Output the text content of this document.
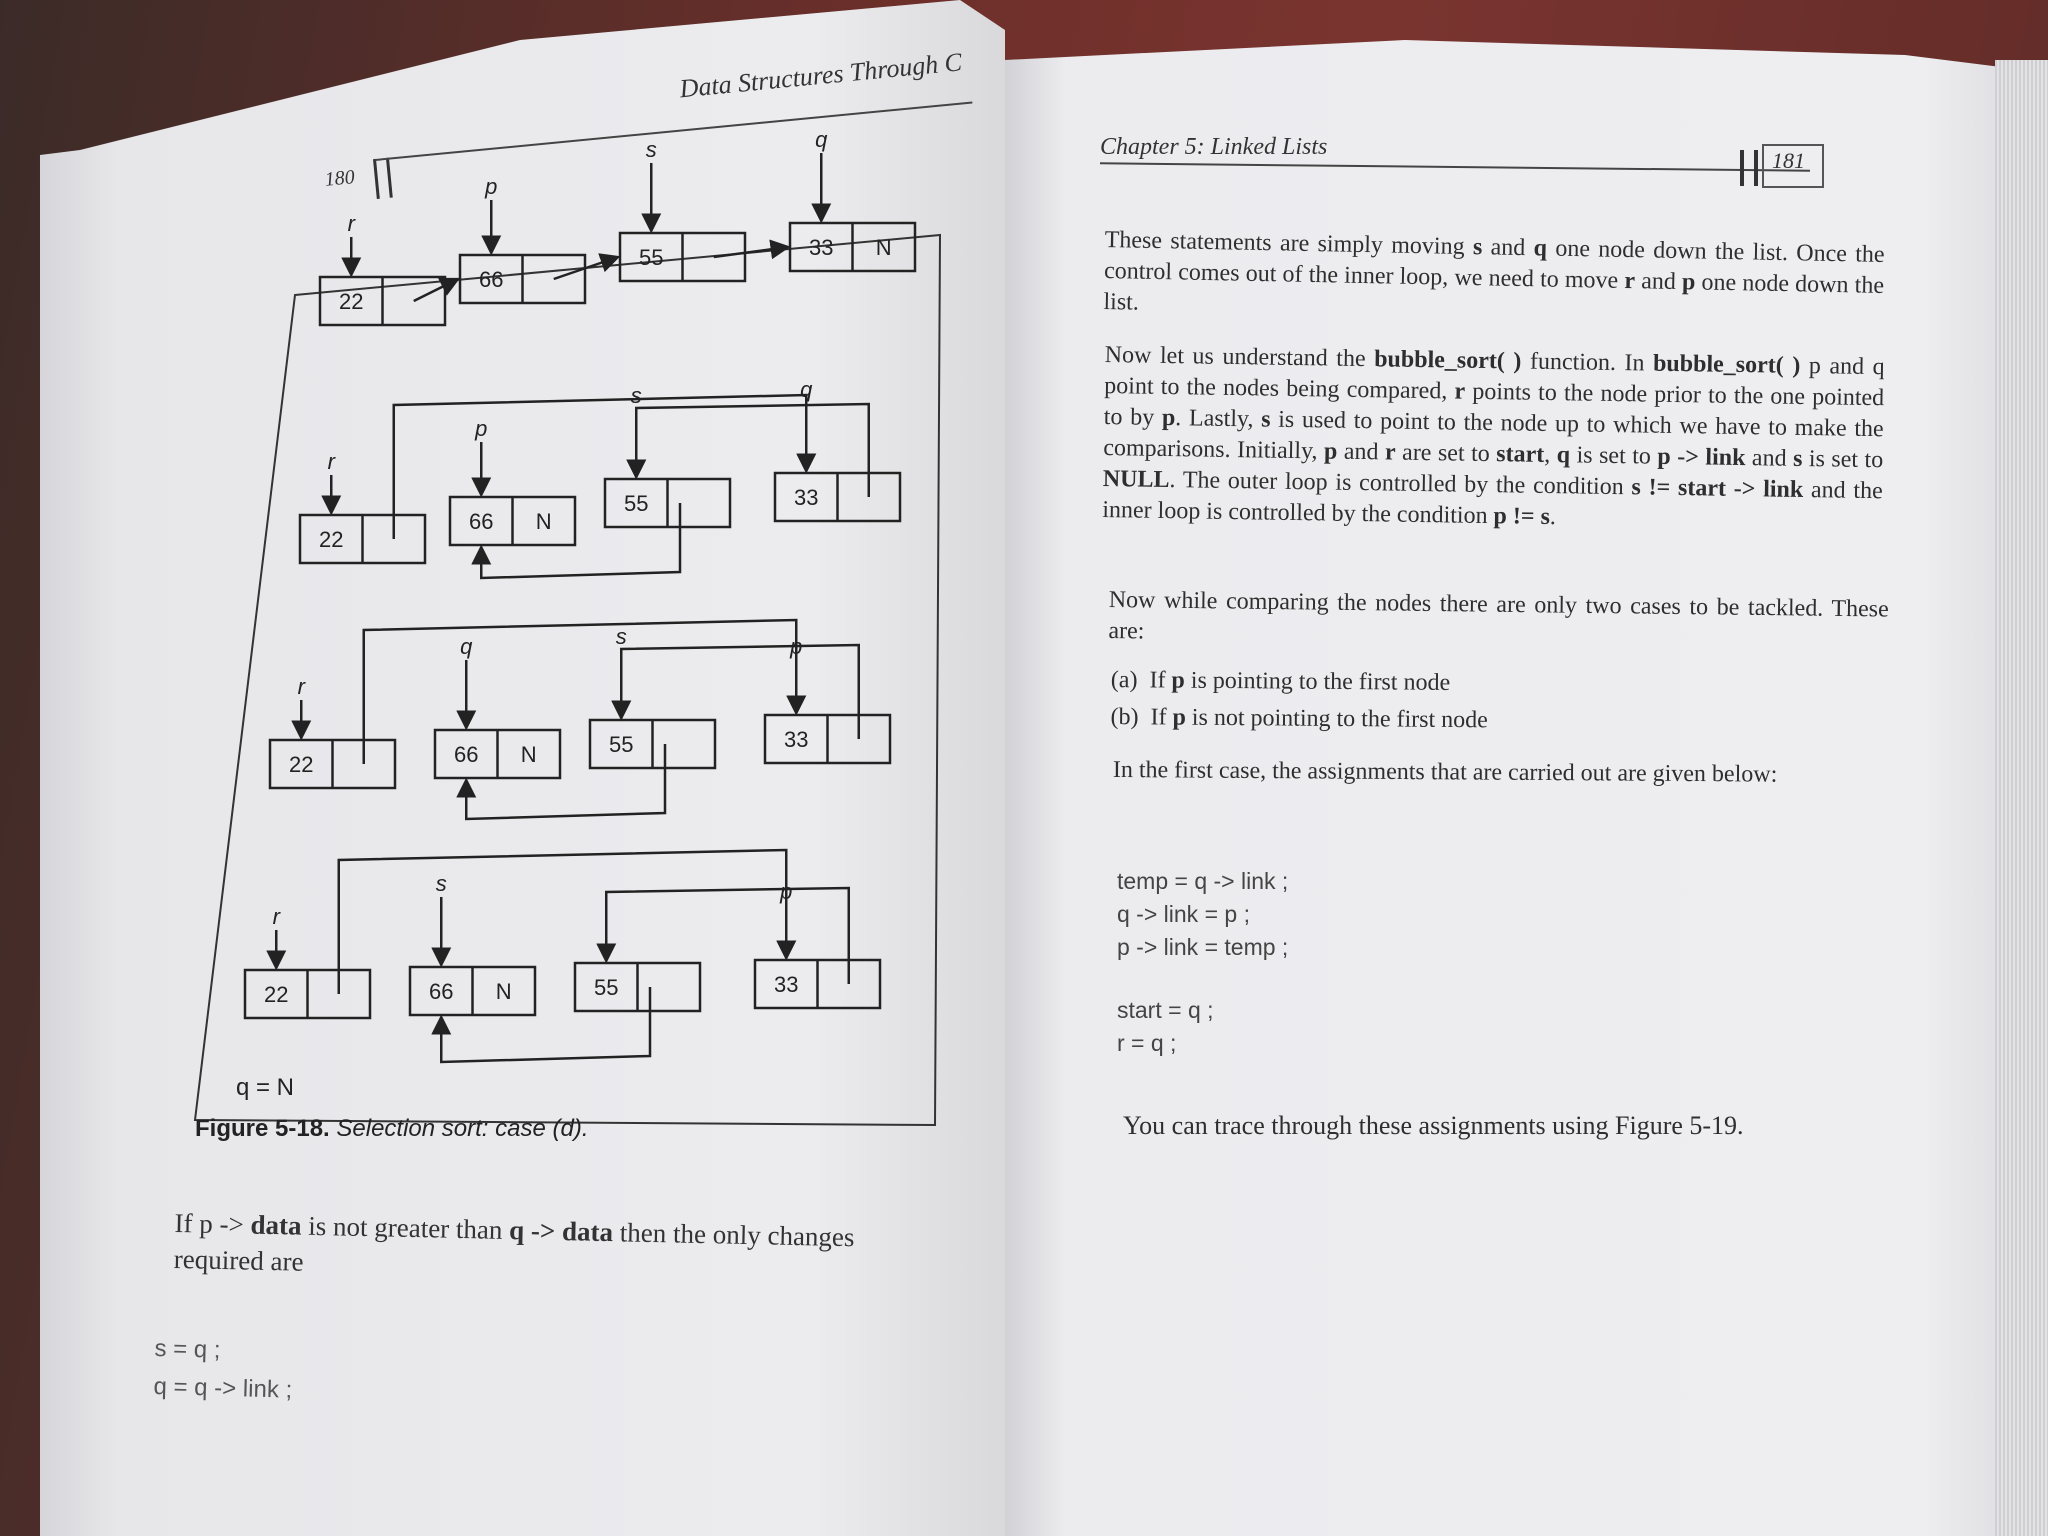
180
Data Structures Through C
22
66
55	33 N
r
p
s	q
22
66 N
55	33
r
p
s	q
22	66 N	55	33
r
q	s	p
22	66 N	55	33
r
s	p
q = N
Figure 5-18. Selection sort: case (d).
If p -> data is not greater than q -> data then the only changes required are
s = q ;
q = q -> link ;
Chapter 5: Linked Lists
181

These statements are simply moving s and q one node down the list. Once the control comes out of the inner loop, we need to move r and p one node down the list.

Now let us understand the bubble_sort( ) function. In bubble_sort( ) p and q point to the nodes being compared, r points to the node prior to the one pointed to by p. Lastly, s is used to point to the node up to which we have to make the comparisons. Initially, p and r are set to start, q is set to p -> link and s is set to NULL. The outer loop is controlled by the condition s != start -> link and the inner loop is controlled by the condition p != s.

Now while comparing the nodes there are only two cases to be tackled. These are:

(a) If p is pointing to the first node
(b) If p is not pointing to the first node

In the first case, the assignments that are carried out are given below:

temp = q -> link ;
q -> link = p ;
p -> link = temp ;
start = q ;
r = q ;
You can trace through these assignments using Figure 5-19.
